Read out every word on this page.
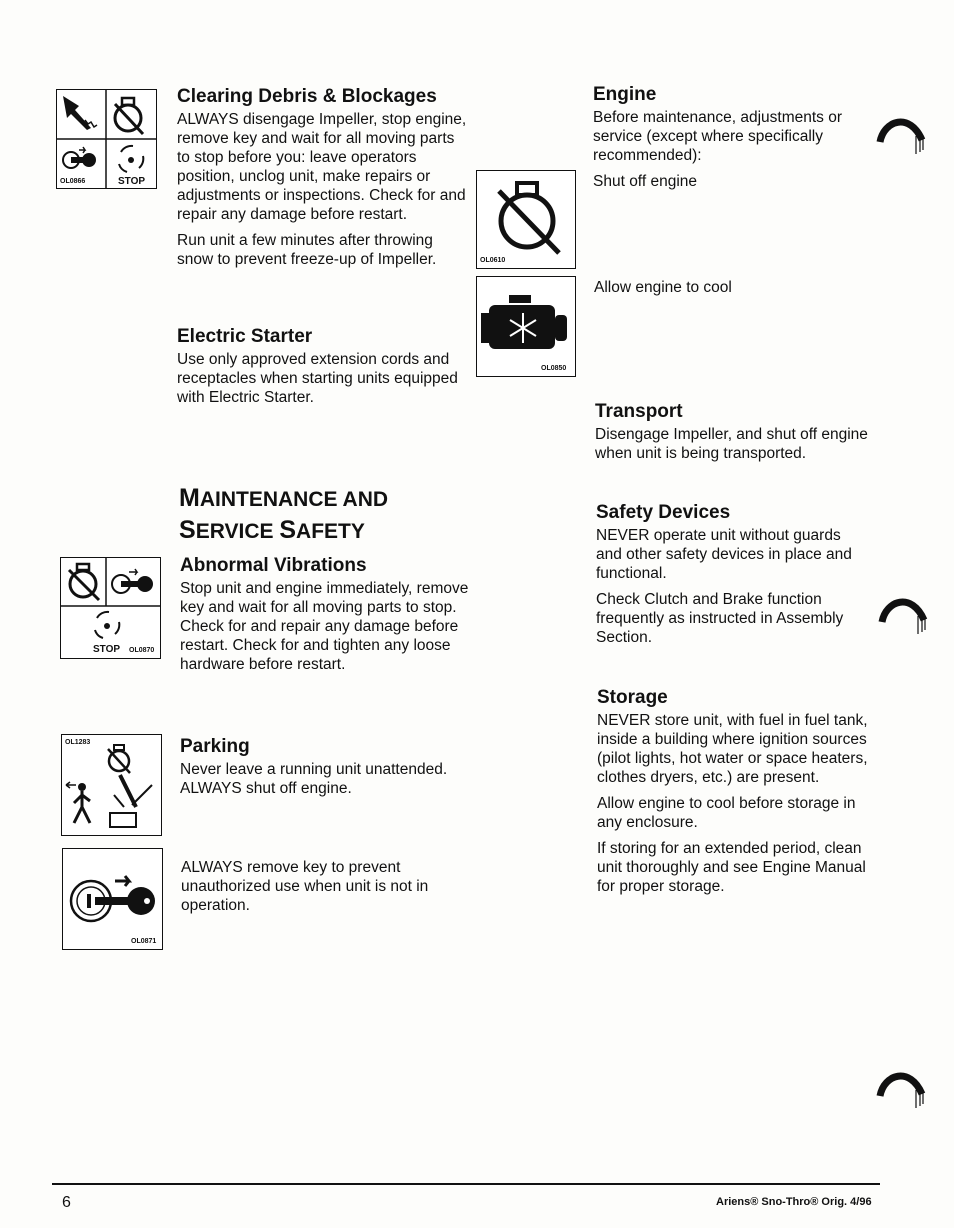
OL0866	STOP
STOP OL0870
OL1283
OL0871
OL0610
OL0850
Clearing Debris & Blockages

ALWAYS disengage Impeller, stop engine, remove key and wait for all moving parts to stop before you: leave operators position, unclog unit, make repairs or adjustments or inspections. Check for and repair any damage before restart.

Run unit a few minutes after throwing snow to prevent freeze-up of Impeller.

Electric Starter

Use only approved extension cords and receptacles when starting units equipped with Electric Starter.

MAINTENANCE AND
SERVICE SAFETY
Abnormal Vibrations

Stop unit and engine immediately, remove key and wait for all moving parts to stop. Check for and repair any damage before restart. Check for and tighten any loose hardware before restart.

Parking

Never leave a running unit unattended. ALWAYS shut off engine.

ALWAYS remove key to prevent unauthorized use when unit is not in operation.

Engine

Before maintenance, adjustments or service (except where specifically recommended):

Shut off engine

Allow engine to cool

Transport

Disengage Impeller, and shut off engine when unit is being transported.

Safety Devices

NEVER operate unit without guards and other safety devices in place and functional.

Check Clutch and Brake function frequently as instructed in Assembly Section.

Storage

NEVER store unit, with fuel in fuel tank, inside a building where ignition sources (pilot lights, hot water or space heaters, clothes dryers, etc.) are present.

Allow engine to cool before storage in any enclosure.

If storing for an extended period, clean unit thoroughly and see Engine Manual for proper storage.

6	Ariens® Sno-Thro® Orig. 4/96
